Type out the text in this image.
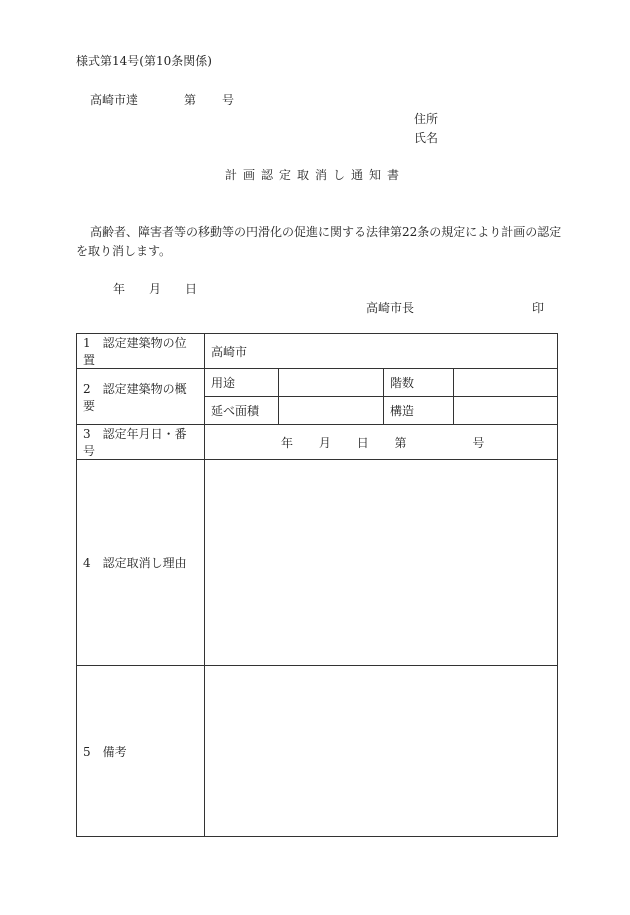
様式第14号(第10条関係)
高崎市達	第 号
住所
氏名
計画認定取消し通知書
高齢者、障害者等の移動等の円滑化の促進に関する法律第22条の規定により計画の認定
を取り消します。
年 月 日
高崎市長	印
1　認定建築物の位置	高崎市			
2　認定建築物の概要	用途		階数	
	延べ面積		構造	
3　認定年月日・番号	年 月 日 第 号			
4　認定取消し理由				
5　備考				
